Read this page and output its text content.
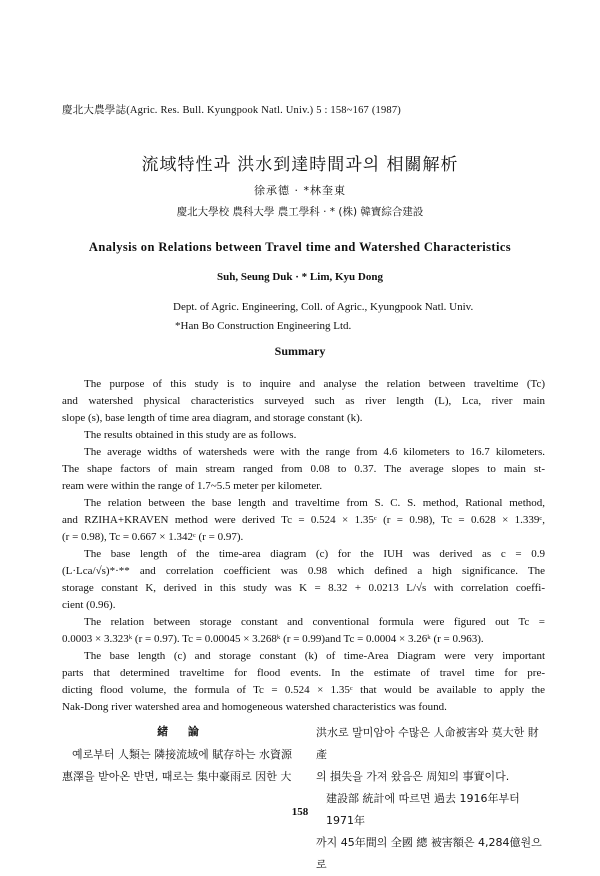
慶北大農學誌(Agric. Res. Bull. Kyungpook Natl. Univ.) 5 : 158~167 (1987)
流域特性과 洪水到達時間과의 相關解析
徐承德 · *林奎東
慶北大學校 農科大學 農工學科 · * (株) 韓寶綜合建設
Analysis on Relations between Travel time and Watershed Characteristics
Suh, Seung Duk · * Lim, Kyu Dong
Dept. of Agric. Engineering, Coll. of Agric., Kyungpook Natl. Univ.
*Han Bo Construction Engineering Ltd.
Summary

The purpose of this study is to inquire and analyse the relation between traveltime (Tc)

and watershed physical characteristics surveyed such as river length (L), Lca, river main

slope (s), base length of time area diagram, and storage constant (k).

The results obtained in this study are as follows.

The average widths of watersheds were with the range from 4.6 kilometers to 16.7 kilometers.

The shape factors of main stream ranged from 0.08 to 0.37. The average slopes to main st-

ream were within the range of 1.7~5.5 meter per kilometer.

The relation between the base length and traveltime from S. C. S. method, Rational method,

and RZIHA+KRAVEN method were derived Tc = 0.524 × 1.35ᶜ (r = 0.98), Tc = 0.628 × 1.339ᶜ,

(r = 0.98), Tc = 0.667 × 1.342ᶜ (r = 0.97).

The base length of the time-area diagram (c) for the IUH was derived as c = 0.9

(L·Lca/√s)*·** and correlation coefficient was 0.98 which defined a high significance. The

storage constant K, derived in this study was K = 8.32 + 0.0213 L/√s with correlation coeffi-

cient (0.96).

The relation between storage constant and conventional formula were figured out Tc =

0.0003 × 3.323ᵏ (r = 0.97). Tc = 0.00045 × 3.268ᵏ (r = 0.99)and Tc = 0.0004 × 3.26ᵏ (r = 0.963).

The base length (c) and storage constant (k) of time-Area Diagram were very important

parts that determined traveltime for flood events. In the estimate of travel time for pre-

dicting flood volume, the formula of Tc = 0.524 × 1.35ᶜ that would be available to apply the

Nak-Dong river watershed area and homogeneous watershed characteristics was found.

緒 論
예로부터 人類는 隣接流域에 賦存하는 水資源
惠澤을 받아온 반면, 때로는 集中豪雨로 因한 大
洪水로 말미암아 수많은 人命被害와 莫大한 財產
의 損失을 가져 왔음은 周知의 事實이다.
建設部 統計에 따르면 過去 1916年부터 1971年
까지 45年間의 全國 總 被害額은 4,284億원으로
158
